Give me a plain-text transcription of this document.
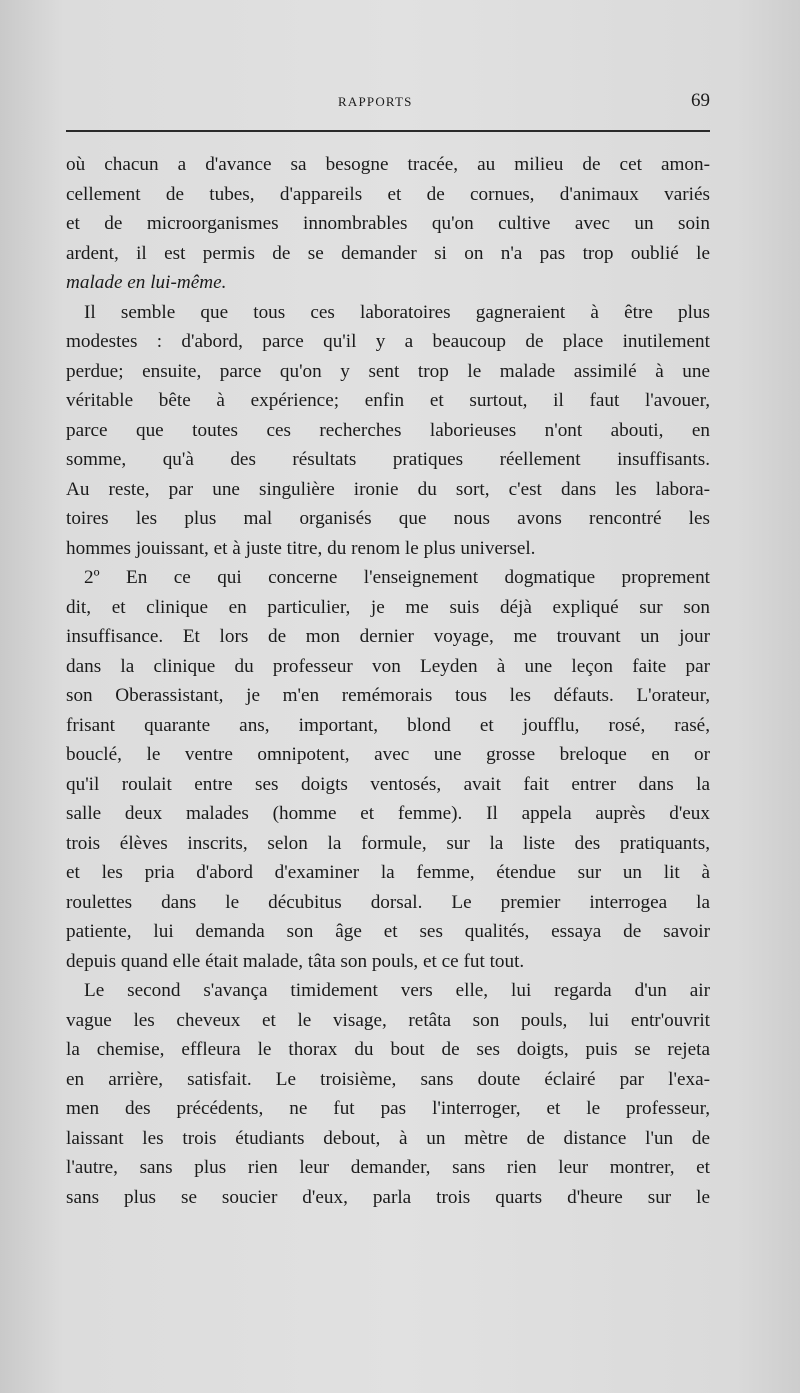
RAPPORTS	69
où chacun a d'avance sa besogne tracée, au milieu de cet amon-
cellement de tubes, d'appareils et de cornues, d'animaux variés
et de microorganismes innombrables qu'on cultive avec un soin
ardent, il est permis de se demander si on n'a pas trop oublié le
malade en lui-même.
Il semble que tous ces laboratoires gagneraient à être plus
modestes : d'abord, parce qu'il y a beaucoup de place inutilement
perdue; ensuite, parce qu'on y sent trop le malade assimilé à une
véritable bête à expérience; enfin et surtout, il faut l'avouer,
parce que toutes ces recherches laborieuses n'ont abouti, en
somme, qu'à des résultats pratiques réellement insuffisants.
Au reste, par une singulière ironie du sort, c'est dans les labora-
toires les plus mal organisés que nous avons rencontré les
hommes jouissant, et à juste titre, du renom le plus universel.
2º En ce qui concerne l'enseignement dogmatique proprement
dit, et clinique en particulier, je me suis déjà expliqué sur son
insuffisance. Et lors de mon dernier voyage, me trouvant un jour
dans la clinique du professeur von Leyden à une leçon faite par
son Oberassistant, je m'en remémorais tous les défauts. L'orateur,
frisant quarante ans, important, blond et joufflu, rosé, rasé,
bouclé, le ventre omnipotent, avec une grosse breloque en or
qu'il roulait entre ses doigts ventosés, avait fait entrer dans la
salle deux malades (homme et femme). Il appela auprès d'eux
trois élèves inscrits, selon la formule, sur la liste des pratiquants,
et les pria d'abord d'examiner la femme, étendue sur un lit à
roulettes dans le décubitus dorsal. Le premier interrogea la
patiente, lui demanda son âge et ses qualités, essaya de savoir
depuis quand elle était malade, tâta son pouls, et ce fut tout.
Le second s'avança timidement vers elle, lui regarda d'un air
vague les cheveux et le visage, retâta son pouls, lui entr'ouvrit
la chemise, effleura le thorax du bout de ses doigts, puis se rejeta
en arrière, satisfait. Le troisième, sans doute éclairé par l'exa-
men des précédents, ne fut pas l'interroger, et le professeur,
laissant les trois étudiants debout, à un mètre de distance l'un de
l'autre, sans plus rien leur demander, sans rien leur montrer, et
sans plus se soucier d'eux, parla trois quarts d'heure sur le
